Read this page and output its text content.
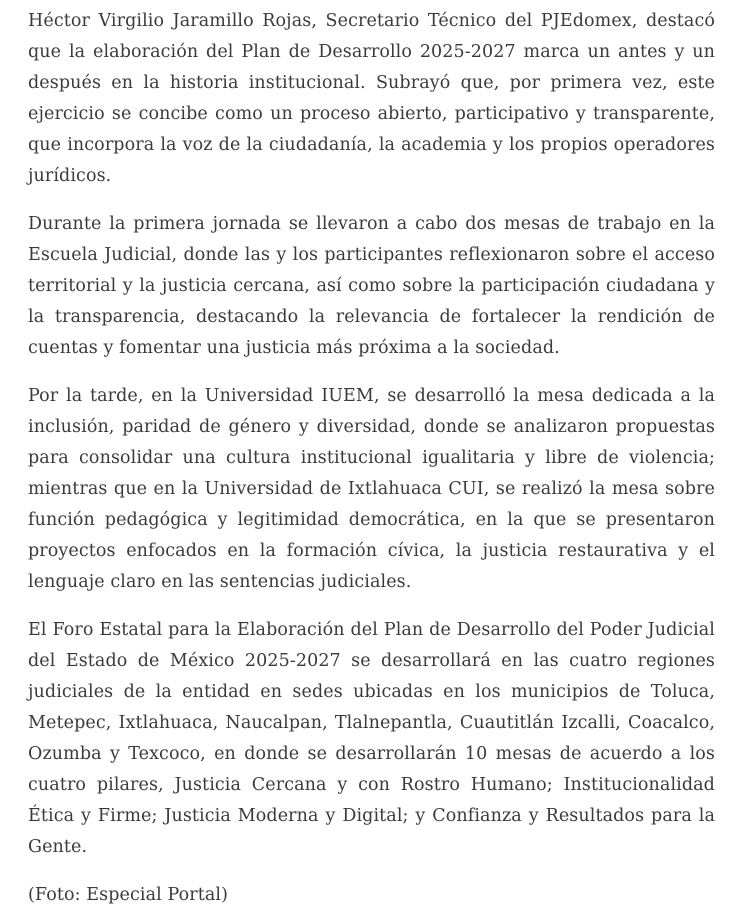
Héctor Virgilio Jaramillo Rojas, Secretario Técnico del PJEdomex, destacó que la elaboración del Plan de Desarrollo 2025-2027 marca un antes y un después en la historia institucional. Subrayó que, por primera vez, este ejercicio se concibe como un proceso abierto, participativo y transparente, que incorpora la voz de la ciudadanía, la academia y los propios operadores jurídicos.

Durante la primera jornada se llevaron a cabo dos mesas de trabajo en la Escuela Judicial, donde las y los participantes reflexionaron sobre el acceso territorial y la justicia cercana, así como sobre la participación ciudadana y la transparencia, destacando la relevancia de fortalecer la rendición de cuentas y fomentar una justicia más próxima a la sociedad.

Por la tarde, en la Universidad IUEM, se desarrolló la mesa dedicada a la inclusión, paridad de género y diversidad, donde se analizaron propuestas para consolidar una cultura institucional igualitaria y libre de violencia; mientras que en la Universidad de Ixtlahuaca CUI, se realizó la mesa sobre función pedagógica y legitimidad democrática, en la que se presentaron proyectos enfocados en la formación cívica, la justicia restaurativa y el lenguaje claro en las sentencias judiciales.

El Foro Estatal para la Elaboración del Plan de Desarrollo del Poder Judicial del Estado de México 2025-2027 se desarrollará en las cuatro regiones judiciales de la entidad en sedes ubicadas en los municipios de Toluca, Metepec, Ixtlahuaca, Naucalpan, Tlalnepantla, Cuautitlán Izcalli, Coacalco, Ozumba y Texcoco, en donde se desarrollarán 10 mesas de acuerdo a los cuatro pilares, Justicia Cercana y con Rostro Humano; Institucionalidad Ética y Firme; Justicia Moderna y Digital; y Confianza y Resultados para la Gente.

(Foto: Especial Portal)
